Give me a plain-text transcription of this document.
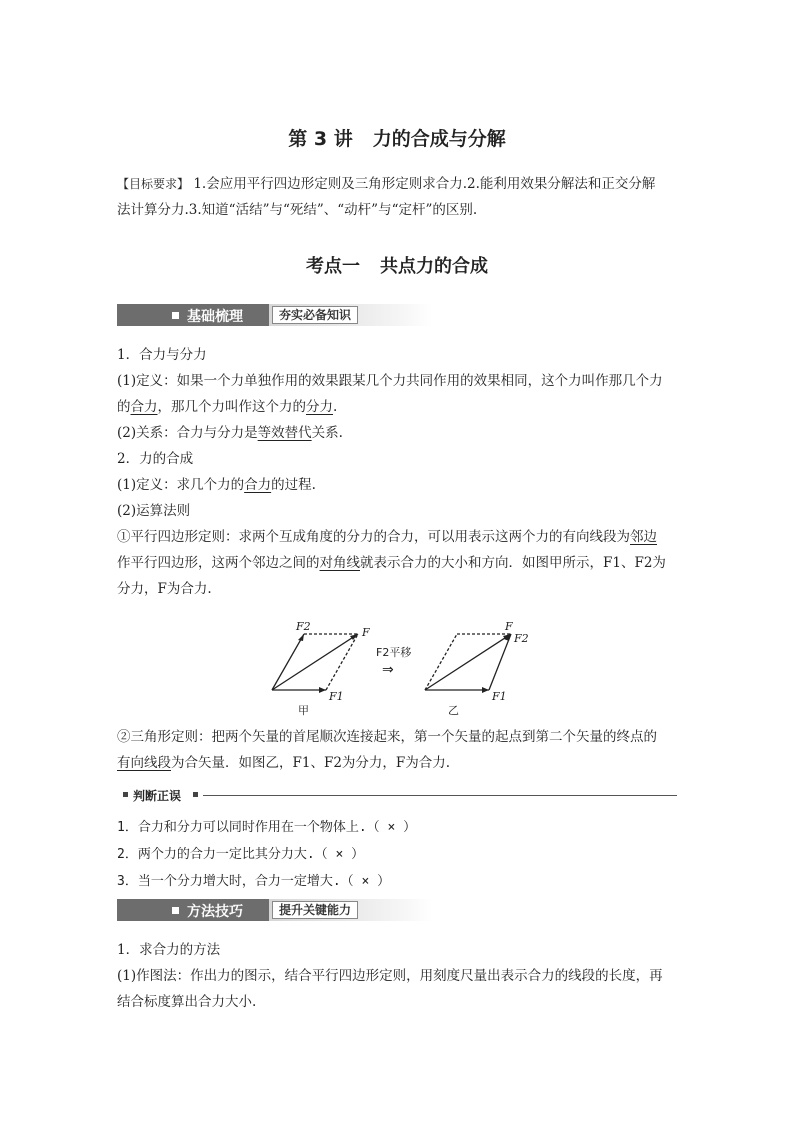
第 3 讲 力的合成与分解
【目标要求】 1.会应用平行四边形定则及三角形定则求合力.2.能利用效果分解法和正交分解
法计算分力.3.知道“活结”与“死结”、“动杆”与“定杆”的区别.
考点一 共点力的合成
基础梳理	夯实必备知识
1．合力与分力
(1)定义：如果一个力单独作用的效果跟某几个力共同作用的效果相同，这个力叫作那几个力
的合力，那几个力叫作这个力的分力.
(2)关系：合力与分力是等效替代关系.
2．力的合成
(1)定义：求几个力的合力的过程.
(2)运算法则
①平行四边形定则：求两个互成角度的分力的合力，可以用表示这两个力的有向线段为邻边
作平行四边形，这两个邻边之间的对角线就表示合力的大小和方向．如图甲所示，F1、F2为
分力，F为合力.
F2	F
F1
F
F2
F1
F2平移
⇒
甲	乙
②三角形定则：把两个矢量的首尾顺次连接起来，第一个矢量的起点到第二个矢量的终点的
有向线段为合矢量．如图乙，F1、F2为分力，F为合力.
判断正误
1．合力和分力可以同时作用在一个物体上.（ × ）
2．两个力的合力一定比其分力大.（ × ）
3．当一个分力增大时，合力一定增大.（ × ）
方法技巧	提升关键能力
1．求合力的方法
(1)作图法：作出力的图示，结合平行四边形定则，用刻度尺量出表示合力的线段的长度，再
结合标度算出合力大小.
